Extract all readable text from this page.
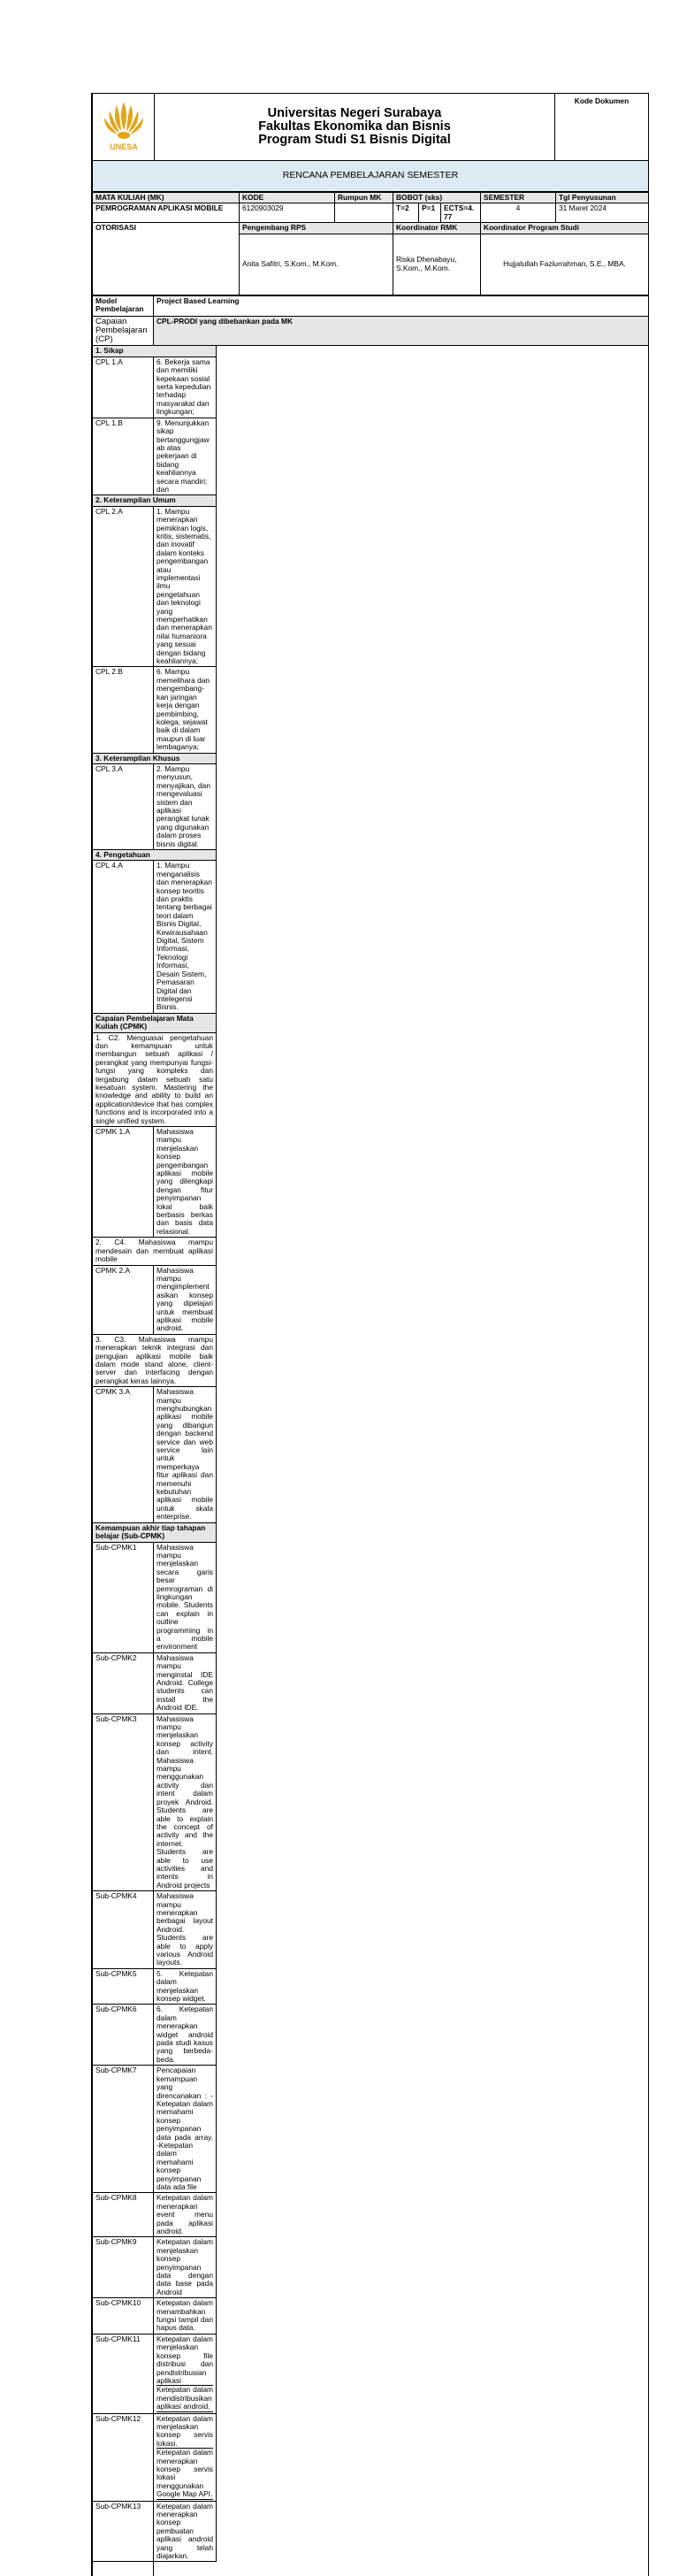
UNESA

Universitas Negeri Surabaya
Fakultas Ekonomika dan Bisnis
Program Studi S1 Bisnis Digital
	Kode Dokumen
RENCANA PEMBELAJARAN SEMESTER
MATA KULIAH (MK)	KODE	Rumpun MK	BOBOT (sks)			SEMESTER	Tgl Penyusunan
PEMROGRAMAN APLIKASI MOBILE	6120903029		T=2	P=1	ECTS=4.77	4	31 Maret 2024
OTORISASI	Pengembang RPS		Koordinator RMK			Koordinator Program Studi	
	Anita Safitri, S.Kom., M.Kom.		Riska Dhenabayu, S.Kom., M.Kom.			Hujjatullah Fazlurrahman, S.E., MBA.	
Model Pembelajaran	Project Based Learning
Capaian Pembelajaran (CP)	CPL-PRODI yang dibebankan pada MK
1. Sikap	
CPL 1.A	6. Bekerja sama dan memiliki kepekaan sosial serta kepedulian terhadap masyarakat dan lingkungan;
CPL 1.B	9. Menunjukkan sikap bertanggungjawab atas pekerjaan di bidang keahliannya secara mandiri; dan
2. Keterampilan Umum	
CPL 2.A	1. Mampu menerapkan pemikiran logis, kritis, sistematis, dan inovatif dalam konteks pengembangan atau implementasi ilmu pengetahuan dan teknologi yang memperhatikan dan menerapkan nilai humaniora yang sesuai dengan bidang keahliannya;
CPL 2.B	6. Mampu memelihara dan mengembang-kan jaringan kerja dengan pembimbing, kolega, sejawat baik di dalam maupun di luar lembaganya;
3. Keterampilan Khusus	
CPL 3.A	2. Mampu menyusun, menyajikan, dan mengevaluasi sistem dan aplikasi perangkat lunak yang digunakan dalam proses bisnis digital.
4. Pengetahuan	
CPL 4.A	1. Mampu menganalisis dan menerapkan konsep teoritis dan praktis tentang berbagai teori dalam Bisnis Digital, Kewirausahaan Digital, Sistem Informasi, Teknologi Informasi, Desain Sistem, Pemasaran Digital dan Intelegensi Bisnis.
Capaian Pembelajaran Mata Kuliah (CPMK)	
1. C2. Menguasai pengetahuan dan kemampuan untuk membangun sebuah aplikasi / perangkat yang mempunyai fungsi-fungsi yang kompleks dan tergabung dalam sebuah satu kesatuan system. Mastering the knowledge and ability to build an application/device that has complex functions and is incorporated into a single unified system.	
CPMK 1.A	Mahasiswa mampu menjelaskan konsep pengembangan aplikasi mobile yang dilengkapi dengan fitur penyimpanan lokal baik berbasis berkas dan basis data relasional.
2. C4. Mahasiswa mampu mendesain dan membuat aplikasi mobile	
CPMK 2.A	Mahasiswa mampu mengimplementasikan konsep yang dipelajari untuk membuat aplikasi mobile android.
3. C3. Mahasiswa mampu menerapkan teknik integrasi dan pengujian aplikasi mobile baik dalam mode stand alone, client-server dan interfacing dengan perangkat keras lainnya.	
CPMK 3.A	Mahasiswa mampu menghubungkan aplikasi mobile yang dibangun dengan backend service dan web service lain untuk memperkaya fitur aplikasi dan memenuhi kebutuhan aplikasi mobile untuk skala enterprise.
Kemampuan akhir tiap tahapan belajar (Sub-CPMK)	
Sub-CPMK1	Mahasiswa mampu menjelaskan secara garis besar pemrograman di lingkungan mobile. Students can explain in outline programming in a mobile environment
Sub-CPMK2	Mahasiswa mampu menginstal IDE Android. College students can install the Android IDE.
Sub-CPMK3	Mahasiswa mampu menjelaskan konsep activity dan intent. Mahasiswa mampu menggunakan activity dan intent dalam proyek Android. Students are able to explain the concept of activity and the internet. Students are able to use activities and intents in Android projects
Sub-CPMK4	Mahasiswa mampu menerapkan berbagai layout Android. Students are able to apply various Android layouts.
Sub-CPMK5	5. Ketepatan dalam menjelaskan konsep widget.
Sub-CPMK6	6. Ketepatan dalam menerapkan widget android pada studi kasus yang berbeda-beda.
Sub-CPMK7	Pencapaian kemampuan yang direncanakan : -Ketepatan dalam memahami konsep penyimpanan data pada array. -Ketepatan dalam memahami konsep penyimpanan data ada file
Sub-CPMK8	Ketepatan dalam menerapkan event menu pada aplikasi android.
Sub-CPMK9	Ketepatan dalam menjelaskan konsep penyimpanan data dengan data base pada Android
Sub-CPMK10	Ketepatan dalam menambahkan fungsi tampil dan hapus data.
Sub-CPMK11	Ketepatan dalam menjelaskan konsep file distribusi dan pendistribusian aplikasi
Ketepatan dalam mendistribusikan aplikasi android.

Sub-CPMK12	Ketepatan dalam menjelaskan konsep servis lokasi.
Ketepatan dalam menerapkan konsep servis lokasi menggunakan Google Map API.

Sub-CPMK13	Ketepatan dalam menerapkan konsep pembuatan aplikasi android yang telah diajarkan.
